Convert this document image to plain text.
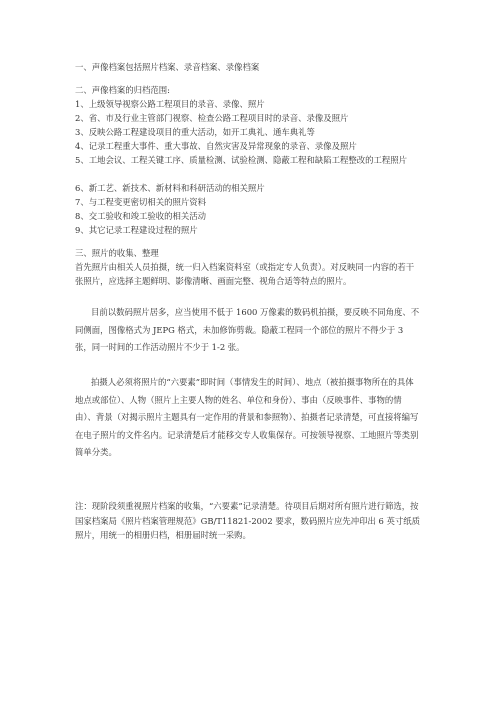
一、声像档案包括照片档案、录音档案、录像档案
二、声像档案的归档范围:
1、上级领导视察公路工程项目的录音、录像、照片
2、省、市及行业主管部门视察、检查公路工程项目时的录音、录像及照片
3、反映公路工程建设项目的重大活动，如开工典礼、通车典礼等
4、记录工程重大事件、重大事故、自然灾害及异常现象的录音、录像及照片
5、工地会议、工程关键工序、质量检测、试验检测、隐蔽工程和缺陷工程整改的工程照片
6、新工艺、新技术、新材料和科研活动的相关照片
7、与工程变更密切相关的照片资料
8、交工验收和竣工验收的相关活动
9、其它记录工程建设过程的照片
三、照片的收集、整理
首先照片由相关人员拍摄，统一归入档案资料室（或指定专人负责）。对反映同一内容的若干张照片，应选择主题鲜明、影像清晰、画面完整、视角合适等特点的照片。
目前以数码照片居多，应当使用不低于 1600 万像素的数码机拍摄，要反映不同角度、不同侧面，图像格式为 JEPG 格式，未加修饰剪裁。隐蔽工程同一个部位的照片不得少于 3 张，同一时间的工作活动照片不少于 1-2 张。
拍摄人必须将照片的“六要素”即时间（事情发生的时间）、地点（被拍摄事物所在的具体地点或部位）、人物（照片上主要人物的姓名、单位和身份）、事由（反映事件、事物的情由）、背景（对揭示照片主题具有一定作用的背景和参照物）、拍摄者记录清楚，可直接将编写在电子照片的文件名内。记录清楚后才能移交专人收集保存。可按领导视察、工地照片等类别简单分类。
注：现阶段须重视照片档案的收集，“六要素”记录清楚。待项目后期对所有照片进行筛选，按国家档案局《照片档案管理规范》GB/T11821-2002 要求，数码照片应先冲印出 6 英寸纸质照片，用统一的相册归档，相册届时统一采购。
